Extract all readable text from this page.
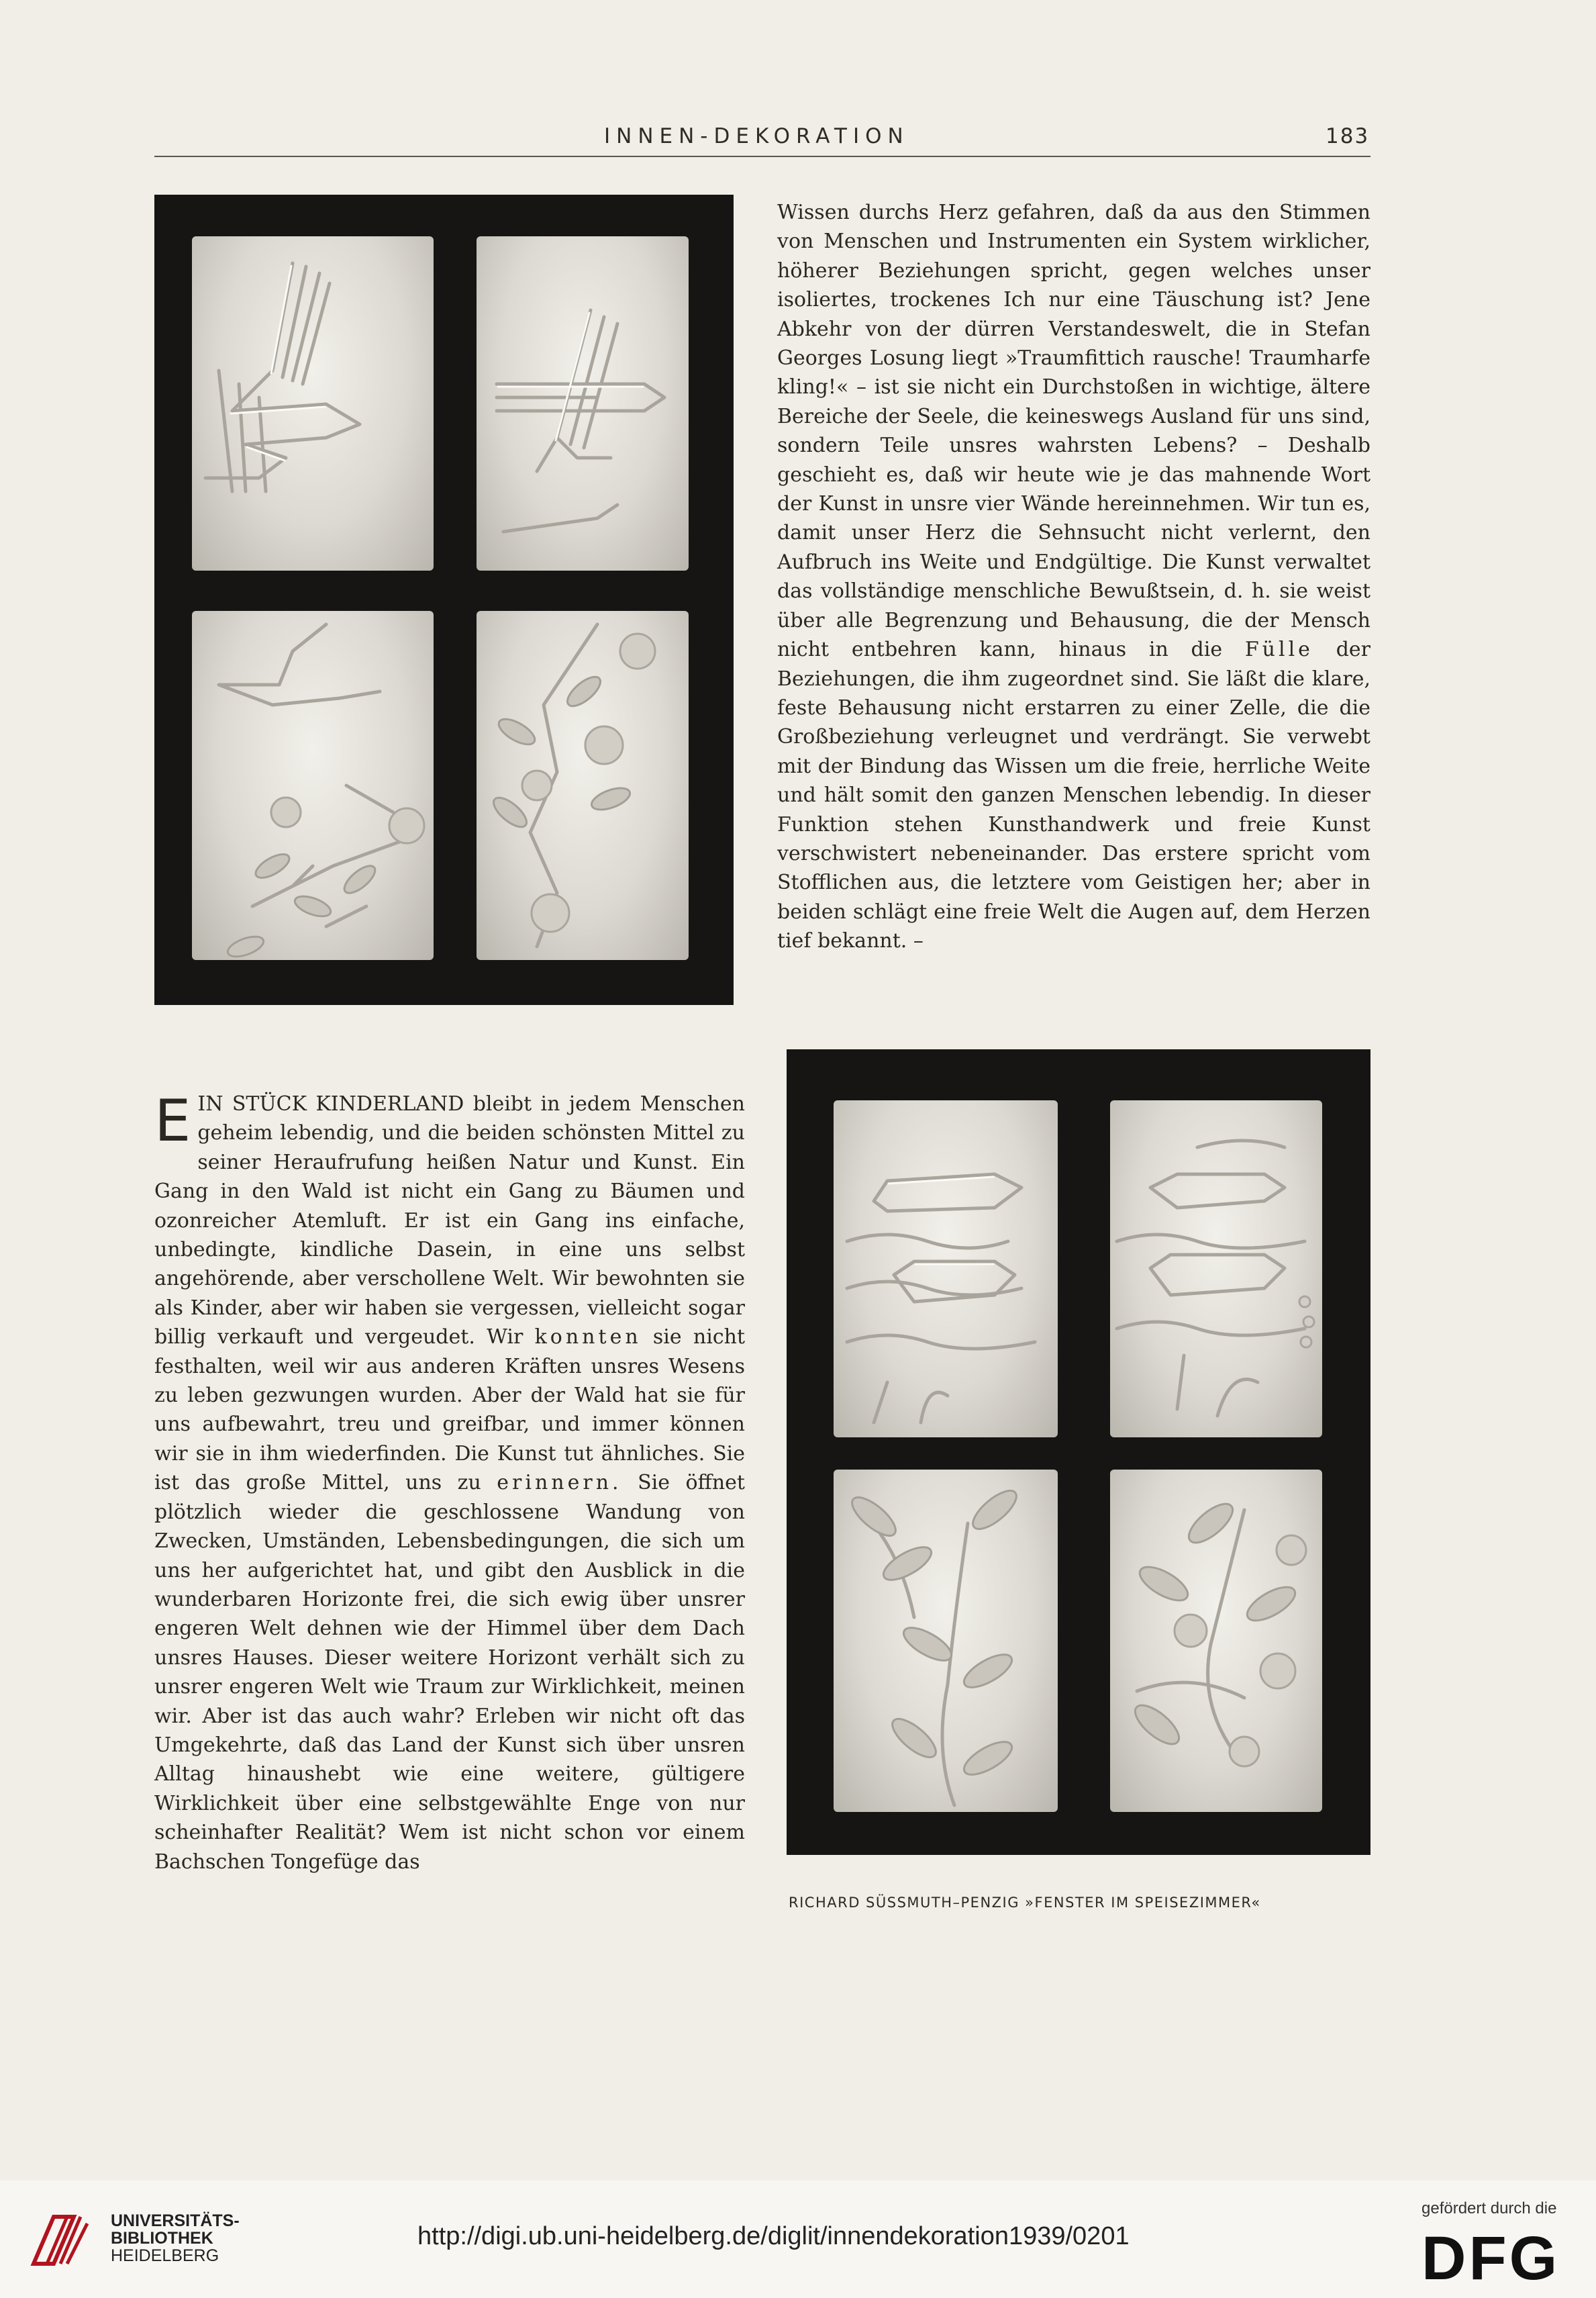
INNEN-DEKORATION	183

Wissen durchs Herz gefahren, daß da aus den Stimmen von Menschen und Instrumenten ein System wirklicher, höherer Beziehungen spricht, gegen welches unser isoliertes, trockenes Ich nur eine Täuschung ist? Jene Abkehr von der dürren Verstandeswelt, die in Stefan Georges Losung liegt »Traumfittich rausche! Traumharfe kling!« – ist sie nicht ein Durchstoßen in wichtige, ältere Bereiche der Seele, die keineswegs Ausland für uns sind, sondern Teile unsres wahrsten Lebens? – Deshalb geschieht es, daß wir heute wie je das mahnende Wort der Kunst in unsre vier Wände hereinnehmen. Wir tun es, damit unser Herz die Sehnsucht nicht verlernt, den Aufbruch ins Weite und Endgültige. Die Kunst verwaltet das vollständige menschliche Bewußtsein, d. h. sie weist über alle Begrenzung und Behausung, die der Mensch nicht entbehren kann, hinaus in die Fülle der Beziehungen, die ihm zugeordnet sind. Sie läßt die klare, feste Behausung nicht erstarren zu einer Zelle, die die Großbeziehung verleugnet und verdrängt. Sie verwebt mit der Bindung das Wissen um die freie, herrliche Weite und hält somit den ganzen Menschen lebendig. In dieser Funktion stehen Kunsthandwerk und freie Kunst verschwistert nebeneinander. Das erstere spricht vom Stofflichen aus, die letztere vom Geistigen her; aber in beiden schlägt eine freie Welt die Augen auf, dem Herzen tief bekannt. –

EIN STÜCK KINDERLAND bleibt in jedem Menschen geheim lebendig, und die beiden schönsten Mittel zu seiner Heraufrufung heißen Natur und Kunst. Ein Gang in den Wald ist nicht ein Gang zu Bäumen und ozonreicher Atemluft. Er ist ein Gang ins einfache, unbedingte, kindliche Dasein, in eine uns selbst angehörende, aber verschollene Welt. Wir bewohnten sie als Kinder, aber wir haben sie vergessen, vielleicht sogar billig verkauft und vergeudet. Wir konnten sie nicht festhalten, weil wir aus anderen Kräften unsres Wesens zu leben gezwungen wurden. Aber der Wald hat sie für uns aufbewahrt, treu und greifbar, und immer können wir sie in ihm wiederfinden. Die Kunst tut ähnliches. Sie ist das große Mittel, uns zu erinnern. Sie öffnet plötzlich wieder die geschlossene Wandung von Zwecken, Umständen, Lebensbedingungen, die sich um uns her aufgerichtet hat, und gibt den Ausblick in die wunderbaren Horizonte frei, die sich ewig über unsrer engeren Welt dehnen wie der Himmel über dem Dach unsres Hauses. Dieser weitere Horizont verhält sich zu unsrer engeren Welt wie Traum zur Wirklichkeit, meinen wir. Aber ist das auch wahr? Erleben wir nicht oft das Umgekehrte, daß das Land der Kunst sich über unsren Alltag hinaushebt wie eine weitere, gültigere Wirklichkeit über eine selbstgewählte Enge von nur scheinhafter Realität? Wem ist nicht schon vor einem Bachschen Tongefüge das

RICHARD SÜSSMUTH–PENZIG »FENSTER IM SPEISEZIMMER«
UNIVERSITÄTS-
BIBLIOTHEK
HEIDELBERG
http://digi.ub.uni-heidelberg.de/diglit/innendekoration1939/0201
gefördert durch die
DFG
